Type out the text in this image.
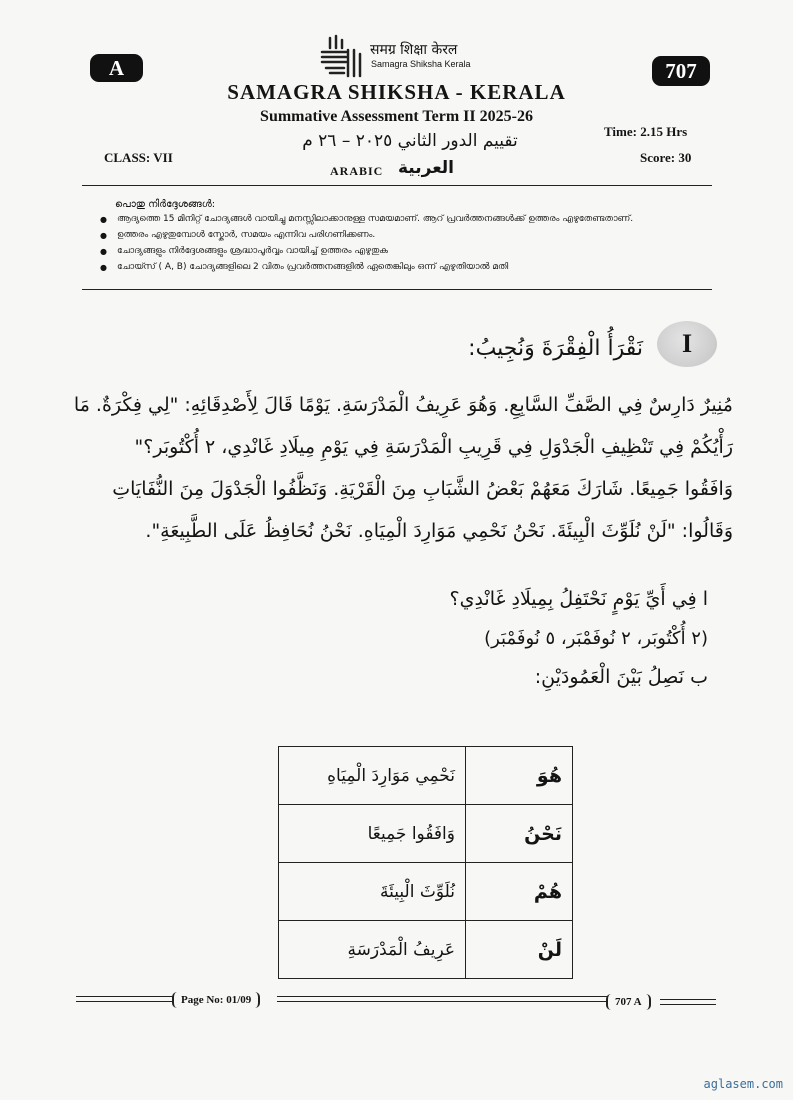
A	707
समग्र शिक्षा केरल
Samagra Shiksha Kerala
SAMAGRA SHIKSHA - KERALA
Summative Assessment Term II 2025-26
تقييم الدور الثاني ٢٠٢٥ – ٢٦ م	Time: 2.15 Hrs
Score: 30
CLASS: VII
ARABIC العربية
പൊതു നിർദ്ദേശങ്ങൾ:
● ആദ്യത്തെ 15 മിനിറ്റ് ചോദ്യങ്ങൾ വായിച്ചു മനസ്സിലാക്കാനുള്ള സമയമാണ്. ആറ് പ്രവർത്തനങ്ങൾക്ക് ഉത്തരം എഴുതേണ്ടതാണ്.
● ഉത്തരം എഴുതുമ്പോൾ സ്കോർ, സമയം എന്നിവ പരിഗണിക്കണം.
● ചോദ്യങ്ങളും നിർദ്ദേശങ്ങളും ശ്രദ്ധാപൂർവ്വം വായിച്ച് ഉത്തരം എഴുതുക
● ചോയ്സ് ( A, B) ചോദ്യങ്ങളിലെ 2 വിതം പ്രവർത്തനങ്ങളിൽ ഏതെങ്കിലും ഒന്ന് എഴുതിയാൽ മതി
I
نَقْرَأُ الْفِقْرَةَ وَنُجِيبُ:
مُنِيرٌ دَارِسٌ فِي الصَّفِّ السَّابِعِ. وَهُوَ عَرِيفُ الْمَدْرَسَةِ. يَوْمًا قَالَ لِأَصْدِقَائِهِ: "لِي فِكْرَةٌ. مَا
رَأْيُكُمْ فِي تَنْظِيفِ الْجَدْوَلِ فِي قَرِيبِ الْمَدْرَسَةِ فِي يَوْمِ مِيلَادِ غَانْدِي، ٢ أُكْتُوبَر؟"
وَافَقُوا جَمِيعًا. شَارَكَ مَعَهُمْ بَعْضُ الشَّبَابِ مِنَ الْقَرْيَةِ. وَنَظَّفُوا الْجَدْوَلَ مِنَ النُّفَايَاتِ
وَقَالُوا: "لَنْ نُلَوِّثَ الْبِيئَةَ. نَحْنُ نَحْمِي مَوَارِدَ الْمِيَاهِ. نَحْنُ نُحَافِظُ عَلَى الطَّبِيعَةِ".
ا فِي أَيِّ يَوْمٍ نَحْتَفِلُ بِمِيلَادِ غَانْدِي؟
(٢ أُكْتُوبَر، ٢ نُوفَمْبَر، ٥ نُوفَمْبَر)
ب نَصِلُ بَيْنَ الْعَمُودَيْنِ:
هُوَ	نَحْمِي مَوَارِدَ الْمِيَاهِ
نَحْنُ	وَافَقُوا جَمِيعًا
هُمْ	نُلَوِّثَ الْبِيئَةَ
لَنْ	عَرِيفُ الْمَدْرَسَةِ
Page No: 01/09	707 A
aglasem.com
